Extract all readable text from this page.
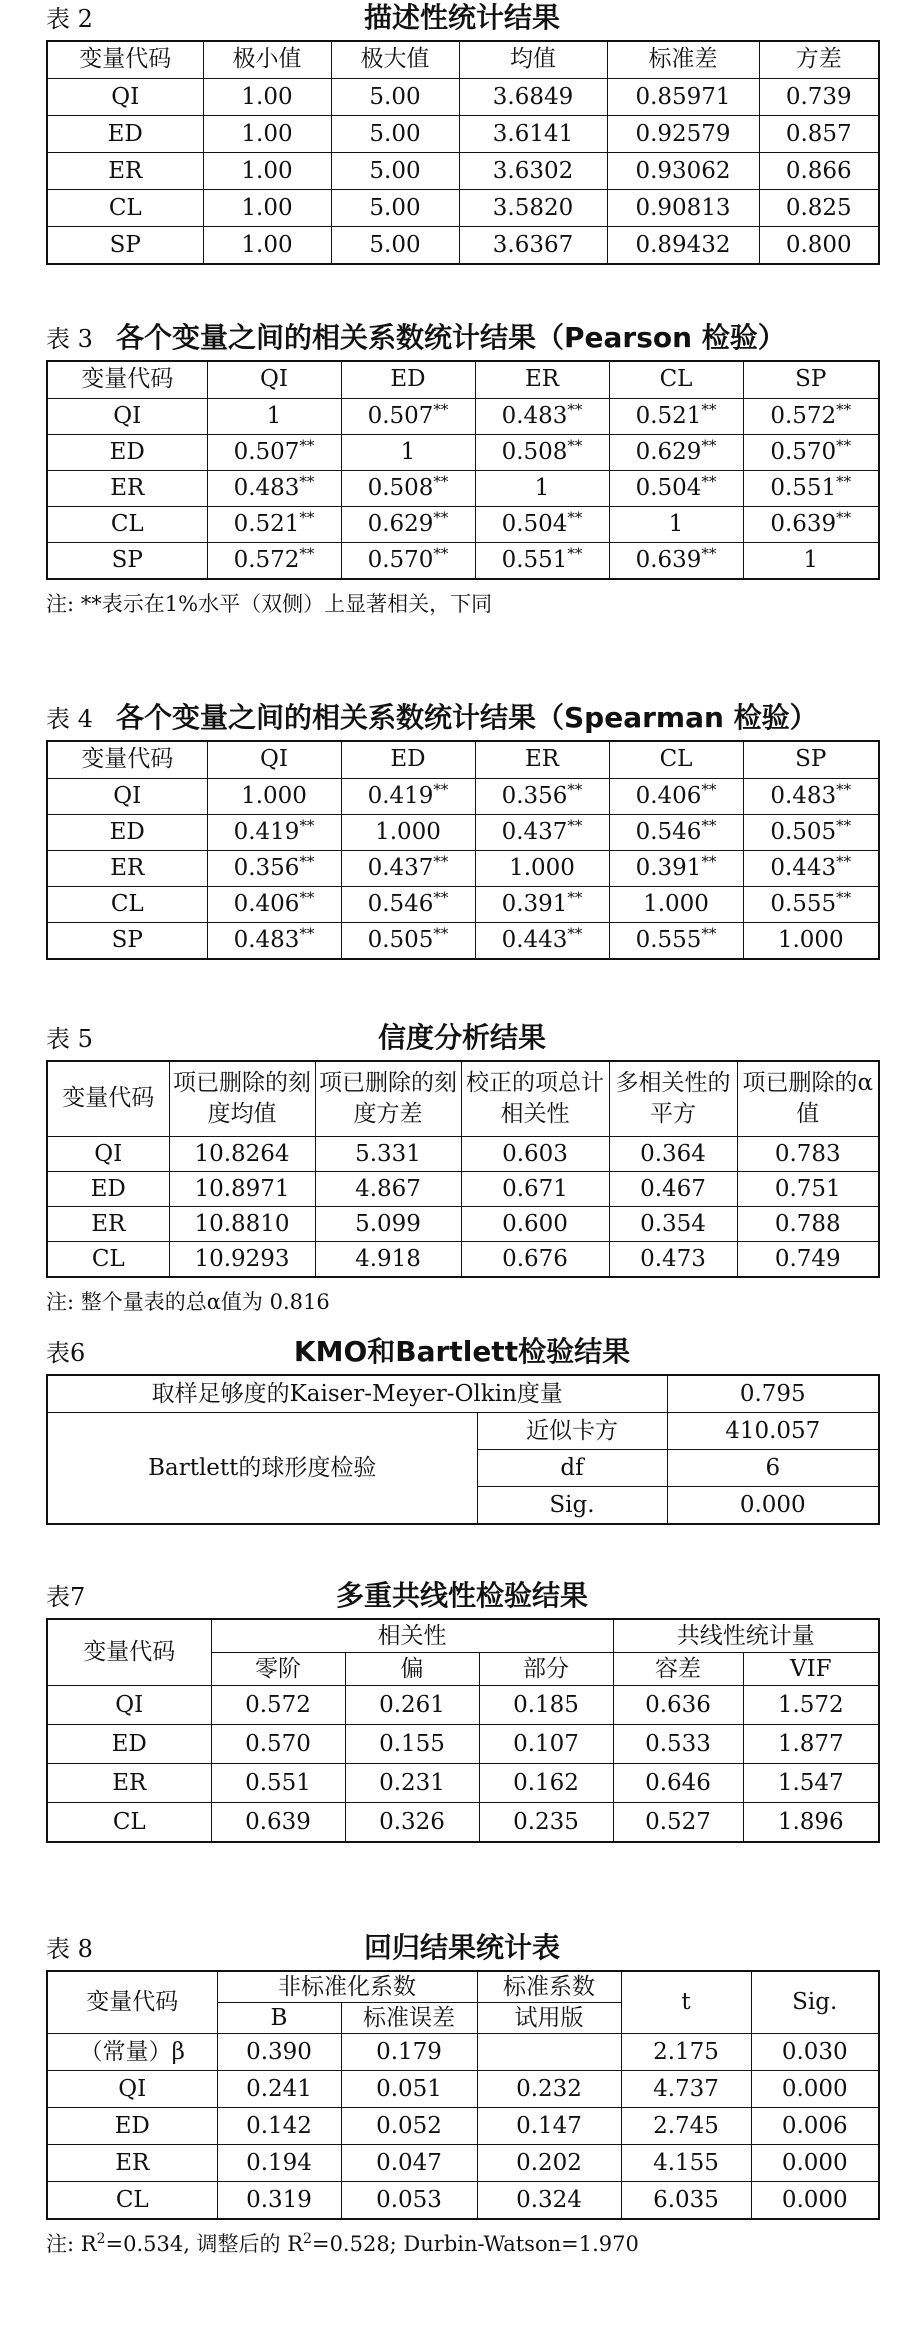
表 2	描述性统计结果
变量代码	极小值	极大值	均值	标准差	方差
QI	1.00	5.00	3.6849	0.85971	0.739
ED	1.00	5.00	3.6141	0.92579	0.857
ER	1.00	5.00	3.6302	0.93062	0.866
CL	1.00	5.00	3.5820	0.90813	0.825
SP	1.00	5.00	3.6367	0.89432	0.800
表 3 各个变量之间的相关系数统计结果（Pearson 检验）
变量代码	QI	ED	ER	CL	SP
QI	1	0.507**	0.483**	0.521**	0.572**
ED	0.507**	1	0.508**	0.629**	0.570**
ER	0.483**	0.508**	1	0.504**	0.551**
CL	0.521**	0.629**	0.504**	1	0.639**
SP	0.572**	0.570**	0.551**	0.639**	1
注: **表示在1%水平（双侧）上显著相关，下同
表 4 各个变量之间的相关系数统计结果（Spearman 检验）
变量代码	QI	ED	ER	CL	SP
QI	1.000	0.419**	0.356**	0.406**	0.483**
ED	0.419**	1.000	0.437**	0.546**	0.505**
ER	0.356**	0.437**	1.000	0.391**	0.443**
CL	0.406**	0.546**	0.391**	1.000	0.555**
SP	0.483**	0.505**	0.443**	0.555**	1.000
表 5	信度分析结果
变量代码	项已删除的刻度均值	项已删除的刻度方差	校正的项总计相关性	多相关性的平方	项已删除的α值
QI	10.8264	5.331	0.603	0.364	0.783
ED	10.8971	4.867	0.671	0.467	0.751
ER	10.8810	5.099	0.600	0.354	0.788
CL	10.9293	4.918	0.676	0.473	0.749
注: 整个量表的总α值为 0.816
表6	KMO和Bartlett检验结果
取样足够度的Kaiser-Meyer-Olkin度量		0.795
Bartlett的球形度检验	近似卡方	410.057
	df	6
	Sig.	0.000
表7	多重共线性检验结果
变量代码	相关性			共线性统计量	
	零阶	偏	部分	容差	VIF
QI	0.572	0.261	0.185	0.636	1.572
ED	0.570	0.155	0.107	0.533	1.877
ER	0.551	0.231	0.162	0.646	1.547
CL	0.639	0.326	0.235	0.527	1.896
表 8	回归结果统计表
变量代码	非标准化系数		标准系数	t	Sig.
	B	标准误差	试用版		
（常量）β	0.390	0.179		2.175	0.030
QI	0.241	0.051	0.232	4.737	0.000
ED	0.142	0.052	0.147	2.745	0.006
ER	0.194	0.047	0.202	4.155	0.000
CL	0.319	0.053	0.324	6.035	0.000
注: $R^2=0.534$, 调整后的 $R^2=0.528$; Durbin-Watson=1.970
